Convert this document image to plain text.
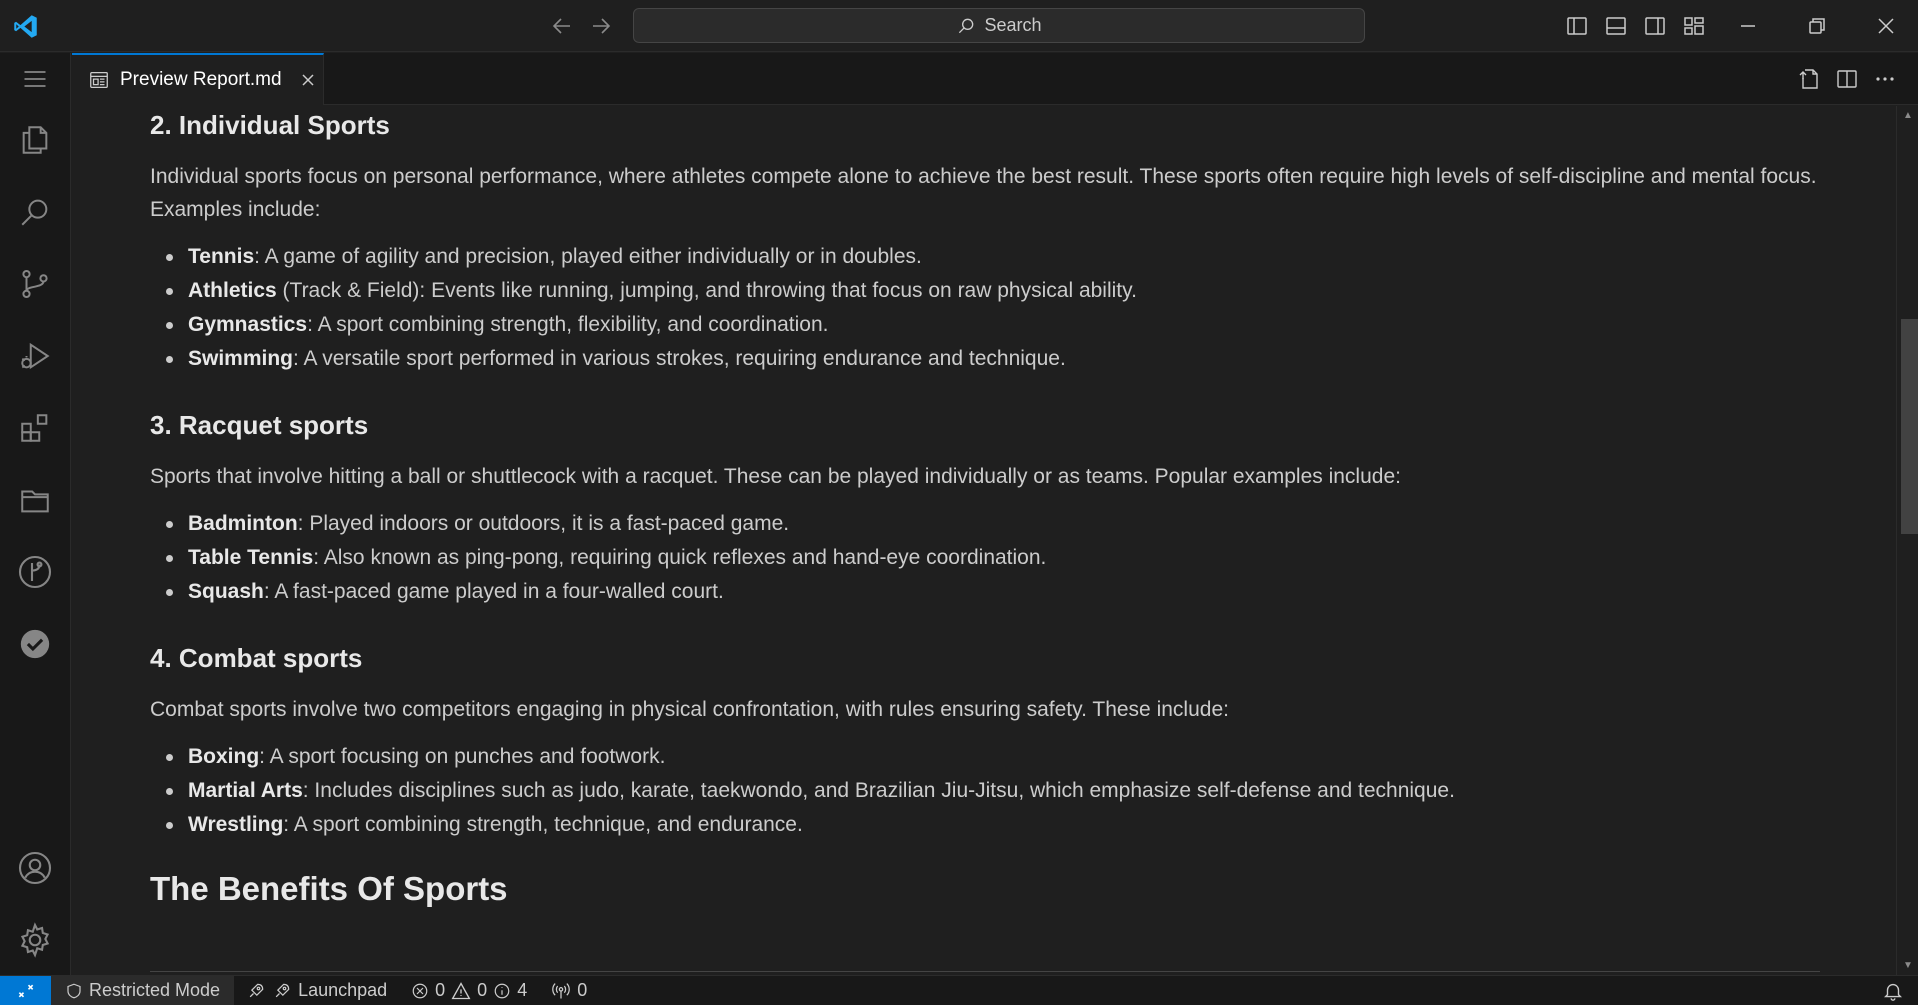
Search
Preview Report.md
2. Individual Sports
Individual sports focus on personal performance, where athletes compete alone to achieve the best result. These sports often require high levels of self-discipline and mental focus. Examples include:
Tennis: A game of agility and precision, played either individually or in doubles.
Athletics (Track & Field): Events like running, jumping, and throwing that focus on raw physical ability.
Gymnastics: A sport combining strength, flexibility, and coordination.
Swimming: A versatile sport performed in various strokes, requiring endurance and technique.
3. Racquet sports
Sports that involve hitting a ball or shuttlecock with a racquet. These can be played individually or as teams. Popular examples include:
Badminton: Played indoors or outdoors, it is a fast-paced game.
Table Tennis: Also known as ping-pong, requiring quick reflexes and hand-eye coordination.
Squash: A fast-paced game played in a four-walled court.
4. Combat sports
Combat sports involve two competitors engaging in physical confrontation, with rules ensuring safety. These include:
Boxing: A sport focusing on punches and footwork.
Martial Arts: Includes disciplines such as judo, karate, taekwondo, and Brazilian Jiu-Jitsu, which emphasize self-defense and technique.
Wrestling: A sport combining strength, technique, and endurance.
The Benefits Of Sports
▲
▼
Restricted Mode	Launchpad	0 0 4	0
